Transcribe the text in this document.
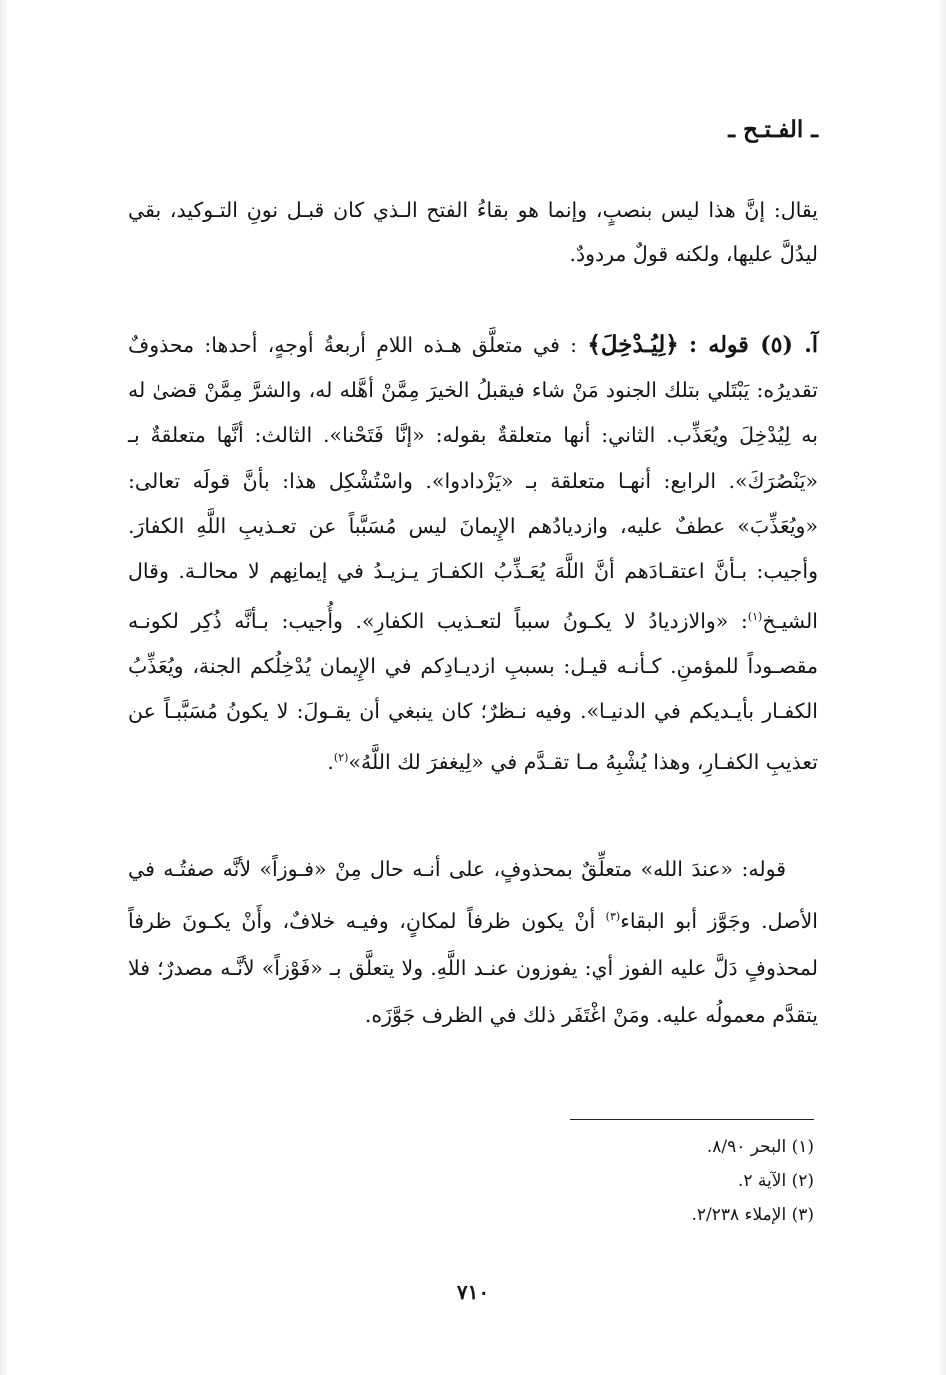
ـ الفـتـح ـ

يقال: إنَّ هذا ليس بنصبٍ، وإنما هو بقاءُ الفتح الـذي كان قبـل نونِ التـوكيد، بقي ليدُلَّ عليها، ولكنه قولٌ مردودٌ.

آ. (٥) قوله : ﴿لِيُـدْخِلَ﴾ : في متعلَّق هـذه اللامِ أربعةُ أوجهٍ، أحدها: محذوفٌ تقديرُه: يَبْتَلي بتلك الجنود مَنْ شاء فيقبلُ الخيرَ مِمَّنْ أهَّله له، والشرَّ مِمَّنْ قضىٰ له به لِيُدْخِلَ ويُعَذِّب. الثاني: أنها متعلقةٌ بقوله: «إنَّا فَتَحْنا». الثالث: أنَّها متعلقةٌ بـ «يَنْصُرَكَ». الرابع: أنهـا متعلقة بـ «يَزْدادوا». واسْتُشْكِل هذا: بأنَّ قولَه تعالى: «ويُعَذِّبَ» عطفٌ عليه، وازديادُهم الإِيمانَ ليس مُسَبَّباً عن تعـذيبِ اللَّهِ الكفارَ. وأجيب: بـأنَّ اعتقـادَهم أنَّ اللَّهَ يُعَـذِّبُ الكفـارَ يـزيـدُ في إيمانِهم لا محالـة. وقال الشيـخ$^{(١)}$: «والازديادُ لا يكـونُ سبباً لتعـذيب الكفارِ». وأُجيب: بـأنَّه ذُكِر لكونـه مقصـوداً للمؤمنِ. كـأنـه قيـل: بسببِ ازديـادِكم في الإِيمان يُدْخِلُكم الجنة، ويُعَذِّبُ الكفـار بأيـديكم في الدنيـا». وفيه نـظرٌ؛ كان ينبغي أن يقـولَ: لا يكونُ مُسَبَّبـاً عن تعذيبِ الكفـارِ، وهذا يُشْبِهُ مـا تقـدَّم في «لِيغفرَ لك اللَّهُ»$^{(٢)}$.

قوله: «عندَ الله» متعلِّقٌ بمحذوفٍ، على أنـه حال مِنْ «فـوزاً» لأنَّه صفتُـه في الأصل. وجَوَّز أبو البقاء$^{(٣)}$ أنْ يكون ظرفاً لمكانٍ، وفيـه خلافٌ، وأَنْ يكـونَ ظرفاً لمحذوفٍ دَلَّ عليه الفوز أي: يفوزون عنـد اللَّهِ. ولا يتعلَّق بـ «فَوْزاً» لأنَّـه مصدرٌ؛ فلا يتقدَّم معمولُه عليه. ومَنْ اغْتَفَر ذلك في الظرف جَوَّزَه.

(١) البحر ٨/٩٠.
(٢) الآية ٢.
(٣) الإملاء ٢/٢٣٨.
٧١٠
